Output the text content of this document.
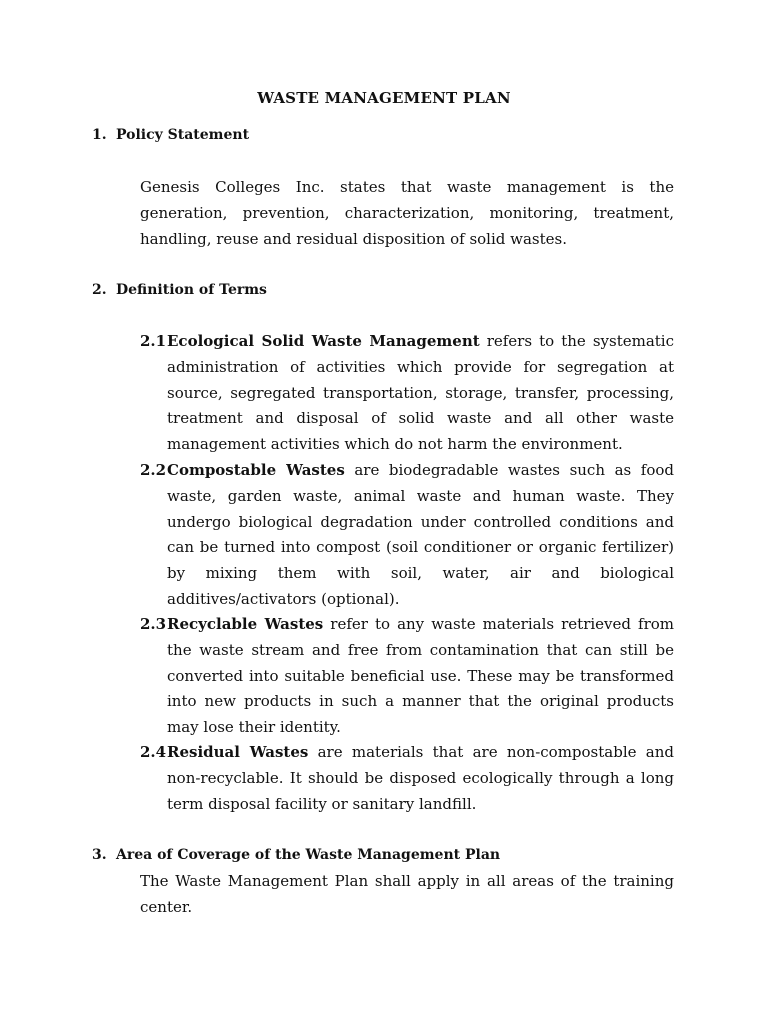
WASTE MANAGEMENT PLAN
1. Policy Statement
Genesis Colleges Inc. states that waste management is the generation, prevention, characterization, monitoring, treatment, handling, reuse and residual disposition of solid wastes.
2. Definition of Terms
2.1 Ecological Solid Waste Management refers to the systematic administration of activities which provide for segregation at source, segregated transportation, storage, transfer, processing, treatment and disposal of solid waste and all other waste management activities which do not harm the environment.
2.2 Compostable Wastes are biodegradable wastes such as food waste, garden waste, animal waste and human waste. They undergo biological degradation under controlled conditions and can be turned into compost (soil conditioner or organic fertilizer) by mixing them with soil, water, air and biological additives/activators (optional).
2.3 Recyclable Wastes refer to any waste materials retrieved from the waste stream and free from contamination that can still be converted into suitable beneficial use. These may be transformed into new products in such a manner that the original products may lose their identity.
2.4 Residual Wastes are materials that are non-compostable and non-recyclable. It should be disposed ecologically through a long term disposal facility or sanitary landfill.
3. Area of Coverage of the Waste Management Plan
The Waste Management Plan shall apply in all areas of the training center.
